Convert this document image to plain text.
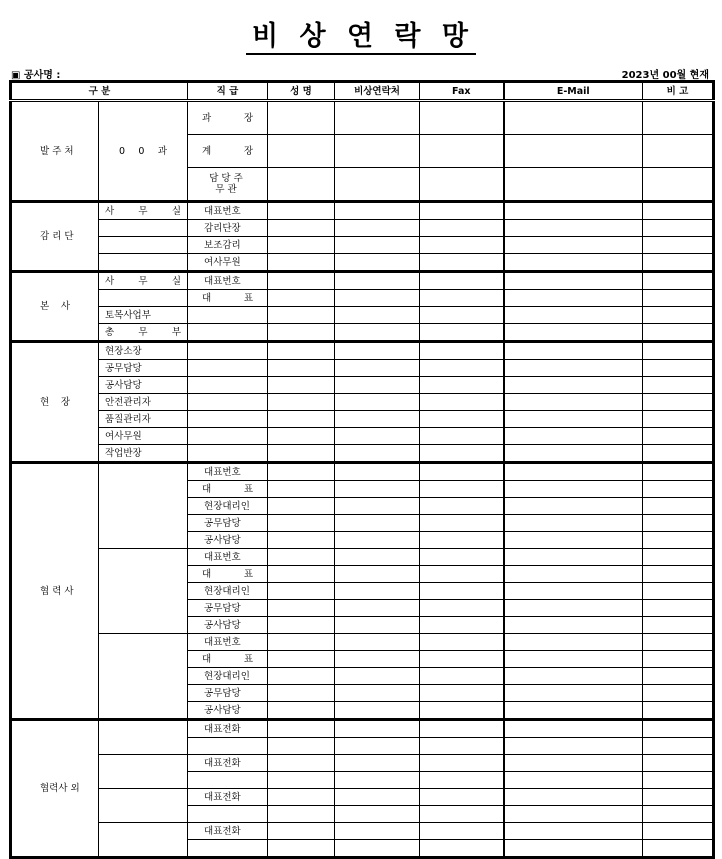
비 상 연 락 망
▣ 공사명 :	2023년 00월 현재
구 분		직 급	성 명	비상연락처	Fax	E-Mail	비 고
발 주 처	0 0 과	과 장					
		계 장					
		담당주무관					
감 리 단	사 무 실	대표번호					
		감리단장					
		보조감리					
		여사무원					
본 사	사 무 실	대표번호					
		대 표					
	토목사업부						
	총 무 부						
현 장	현장소장						
	공무담당						
	공사담당						
	안전관리자						
	품질관리자						
	여사무원						
	작업반장						
협 력 사		대표번호					
		대 표					
		현장대리인					
		공무담당					
		공사담당					
		대표번호					
		대 표					
		현장대리인					
		공무담당					
		공사담당					
		대표번호					
		대 표					
		현장대리인					
		공무담당					
		공사담당					
협력사 외		대표전화					

		대표전화					

		대표전화					

		대표전화					
